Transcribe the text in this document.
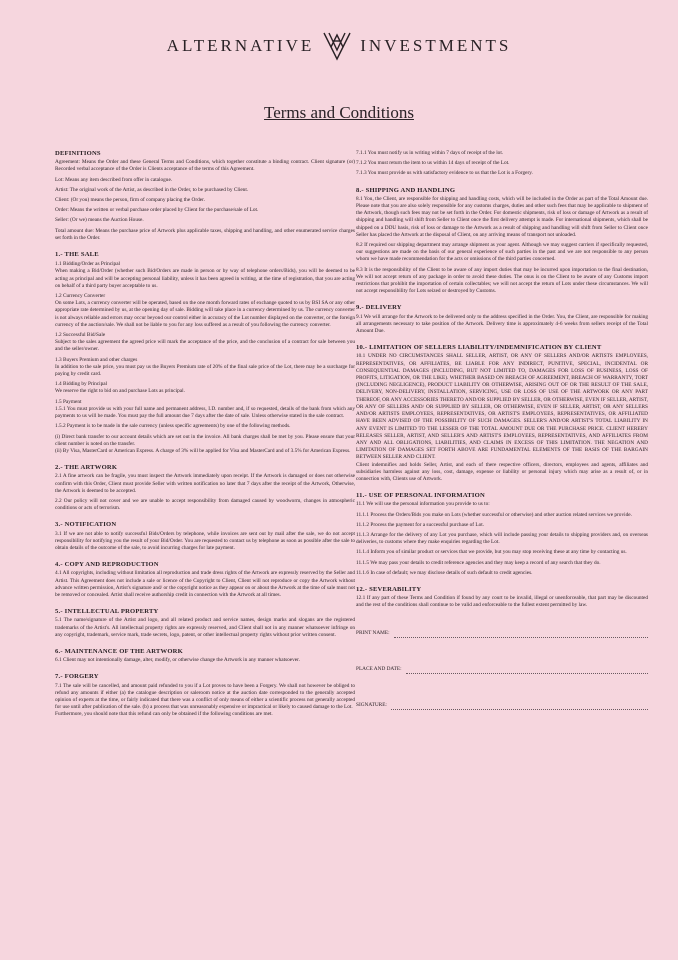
ALTERNATIVE	INVESTMENTS
Terms and Conditions
DEFINITIONS

Agreement: Means the Order and these General Terms and Conditions, which together constitute a binding contract. Client signature (or) Recorded verbal acceptance of the Order is Clients acceptance of the terms of this Agreement.

Lot: Means any item described from offer in catalogue.

Artist: The original work of the Artist, as described in the Order, to be purchased by Client.

Client: (Or you) means the person, firm of company placing the Order.

Order: Means the written or verbal purchase order placed by Client for the purchase/sale of Lot.

Seller: (Or we) means the Auction House.

Total amount due: Means the purchase price of Artwork plus applicable taxes, shipping and handling, and other enumerated service charges set forth in the Order.

1.- THE SALE
1.1 Bidding/Order as Principal

When making a Bid/Order (whether such Bid/Orders are made in person or by way of telephone orders/Bids), you will be deemed to be acting as principal and will be accepting personal liability, unless it has been agreed in writing, at the time of registration, that you are acting on behalf of a third party buyer acceptable to us.

1.2 Currency Converter

On some Lots, a currency converter will be operated, based on the one month forward rates of exchange quoted to us by BSI SA or any other appropriate rate determined by us, at the opening day of sale. Bidding will take place in a currency determined by us. The currency converter is not always reliable and errors may occur beyond our control either in accuracy of the Lot number displayed on the converter, or the foreign currency of the auction/sale. We shall not be liable to you for any loss suffered as a result of you following the currency converter.

1.2 Successful Bid/Sale

Subject to the sales agreement the agreed price will mark the acceptance of the price, and the conclusion of a contract for sale between you and the seller/owner.

1.3 Buyers Premium and other charges

In addition to the sale price, you must pay us the Buyers Premium rate of 20% of the final sale price of the Lot, there may be a surcharge for paying by credit card.

1.4 Bidding by Principal

We reserve the right to bid on and purchase Lots as principal.

1.5 Payment

1.5.1 You must provide us with your full name and permanent address, I.D. number and, if so requested, details of the bank from which any payments to us will be made. You must pay the full amount due 7 days after the date of sale. Unless otherwise stated in the sale contract.

1.5.2 Payment is to be made in the sale currency (unless specific agreements) by one of the following methods.

(i) Direct bank transfer to our account details which are set out in the invoice. All bank charges shall be met by you. Please ensure that your client number is noted on the transfer.

(ii) By Visa, MasterCard or American Express. A charge of 3% will be applied for Visa and MasterCard and of 3.5% for American Express.

2.- THE ARTWORK

2.1 A fine artwork can be fragile, you must inspect the Artwork immediately upon receipt. If the Artwork is damaged or does not otherwise confirm with this Order, Client must provide Seller with written notification no later that 7 days after the receipt of the Artwork, Otherwise, the Artwork is deemed to be accepted.

2.2 Our policy will not cover and we are unable to accept responsibility from damaged caused by woodworm, changes in atmospheric conditions or acts of terrorism.

3.- NOTIFICATION

3.1 If we are not able to notify successful Bids/Orders by telephone, while invoices are sent out by mail after the sale, we do not accept responsibility for notifying you the result of your Bid/Order. You are requested to contact us by telephone as soon as possible after the sale to obtain details of the outcome of the sale, to avoid incurring charges for late payment.

4.- COPY AND REPRODUCTION

4.1 All copyrights, including without limitation all reproduction and trade dress rights of the Artwork are expressly reserved by the Seller and Artist. This Agreement does not include a sale or licence of the Copyright to Client, Client will not reproduce or copy the Artwork without advance written permission, Artist's signature and/ or the copyright notice as they appear on or about the Artwork at the time of sale must not be removed or concealed. Artist shall receive authorship credit in connection with the Artwork at all times.

5.- INTELLECTUAL PROPERTY

5.1 The name/signature of the Artist and logo, and all related product and service names, design marks and slogans are the registered trademarks of the Artist's. All intellectual property rights are expressly reserved, and Client shall not in any manner whatsoever infringe on any copyright, trademark, service mark, trade secrets, logo, patent, or other intellectual property rights without prior written consent.

6.- MAINTENANCE OF THE ARTWORK

6.1 Client may not intentionally damage, alter, modify, or otherwise change the Artwork in any manner whatsoever.

7.- FORGERY

7.1 The sale will be cancelled, and amount paid refunded to you if a Lot proves to have been a Forgery. We shall not however be obliged to refund any amounts if either (a) the catalogue description or saleroom notice at the auction date corresponded to the generally accepted opinion of experts at the time, or fairly indicated that there was a conflict of only means of either a scientific process not generally accepted for use until after publication of the sale. (b) a process that was unreasonably expensive or impractical or likely to caused damage to the Lot.

Furthermore, you should note that this refund can only be obtained if the following conditions are met.

7.1.1 You must notify us in writing within 7 days of receipt of the lot.

7.1.2 You must return the item to us within 14 days of receipt of the Lot.

7.1.3 You must provide us with satisfactory evidence to us that the Lot is a Forgery.

8.- SHIPPING AND HANDLING

8.1 You, the Client, are responsible for shipping and handling costs, which will be included in the Order as part of the Total Amount due. Please note that you are also solely responsible for any customs charges, duties and other such fees that may be applicable to shipment of the Artwork, though such fees may not be set forth in the Order. For domestic shipments, risk of loss or damage of Artwork as a result of shipping and handling will shift from Seller to Client once the first delivery attempt is made. For international shipments, which shall be shipped on a DDU basis, risk of loss or damage to the Artwork as a result of shipping and handling will shift from Seller to Client once Seller has placed the Artwork at the disposal of Client, on any arriving means of transport not unloaded.

8.2 If required our shipping department may arrange shipment as your agent. Although we may suggest carriers if specifically requested, our suggestions are made on the basis of our general experience of such parties in the past and we are not responsible to any person whom we have made recommendation for the acts or omissions of the third parties concerned.

8.3 It is the responsibility of the Client to be aware of any import duties that may be incurred upon importation to the final destination, We will not accept return of any package in order to avoid these duties. The onus is on the Client to be aware of any Customs import restrictions that prohibit the importation of certain collectables; we will not accept the return of Lots under these circumstances. We will not accept responsibility for Lots seized or destroyed by Customs.

9.- DELIVERY

9.1 We will arrange for the Artwork to be delivered only to the address specified in the Order. You, the Client, are responsible for making all arrangements necessary to take position of the Artwork. Delivery time is approximately 4-6 weeks from sellers receipt of the Total Amount Due.

10.- LIMITATION OF SELLERS LIABILITY/INDEMNIFICATION BY CLIENT

10.1 UNDER NO CIRCUMSTANCES SHALL SELLER, ARTIST, OR ANY OF SELLERS AND/OR ARTISTS EMPLOYEES, REPRESENTATIVES, OR AFFILIATES, BE LIABLE FOR ANY INDIRECT, PUNITIVE, SPECIAL, INCIDENTAL OR CONSEQUENTIAL DAMAGES (INCLUDING, BUT NOT LIMITED TO, DAMAGES FOR LOSS OF BUSINESS, LOSS OF PROFITS, LITIGATION, OR THE LIKE). WHETHER BASED ON BREACH OF AGREEMENT, BREACH OF WARRANTY, TORT (INCLUDING NEGLIGENCE), PRODUCT LIABILITY OR OTHERWISE, ARISING OUT OF OR THE RESULT OF THE SALE, DELIVERY, NON-DELIVERY, INSTALLATION, SERVICING, USE OR LOSS OF USE OF THE ARTWORK OR ANY PART THEREOF, OR ANY ACCESSORIES THERETO AND/OR SUPPLIED BY SELLER, OR OTHERWISE, EVEN IF SELLER, ARTIST, OR ANY OF SELLERS AND/ OR SUPPLIED BY SELLER, OR OTHERWISE, EVEN IF SELLER, ARTIST, OR ANY SELLERS AND/OR ARTISTS EMPLOYEES, REPRESENTATIVES, OR ARTIST'S EMPLOYEES, REPRESENTATIVES, OR AFFILIATED HAVE BEEN ADVISED OF THE POSSIBILITY OF SUCH DAMAGES. SELLER'S AND/OR ARTIST'S TOTAL LIABILITY IN ANY EVENT IS LIMITED TO THE LESSER OF THE TOTAL AMOUNT DUE OR THE PURCHASE PRICE. CLIENT HEREBY RELEASES SELLER, ARTIST, AND SELLER'S AND ARTIST'S EMPLOYEES, REPRESENTATIVES, AND AFFILIATES FROM ANY AND ALL OBLIGATIONS, LIABILITIES, AND CLAIMS IN EXCESS OF THIS LIMITATION. THE NEGATION AND LIMITATION OF DAMAGES SET FORTH ABOVE ARE FUNDAMENTAL ELEMENTS OF THE BASIS OF THE BARGAIN BETWEEN SELLER AND CLIENT.

Client indemnifies and holds Seller, Artist, and each of there respective officers, directors, employees and agents, affiliates and subsidiaries harmless against any loss, cost, damage, expense or liability or personal injury which may arise as a result of, or in connection with, Clients use of Artwork.

11.- USE OF PERSONAL INFORMATION

11.1 We will use the personal information you provide to us to:

11.1.1 Process the Orders/Bids you make on Lots (whether successful or otherwise) and other auction related services we provide.

11.1.2 Process the payment for a successful purchase of Lot.

11.1.3 Arrange for the delivery of any Lot you purchase, which will include passing your details to shipping providers and, on overseas deliveries, to customs where they make enquiries regarding the Lot.

11.1.4 Inform you of similar product or services that we provide, but you may stop receiving these at any time by contacting us.

11.1.5 We may pass your details to credit reference agencies and they may keep a record of any search that they do.

11.1.6 In case of default; we may disclose details of such default to credit agencies.

12.- SEVERABILITY

12.1 If any part of these Terms and Condition if found by any court to be invalid, illegal or unenforceable, that part may be discounted and the rest of the conditions shall continue to be valid and enforceable to the fullest extent permitted by law.

PRINT NAME:
PLACE AND DATE:
SIGNATURE:
